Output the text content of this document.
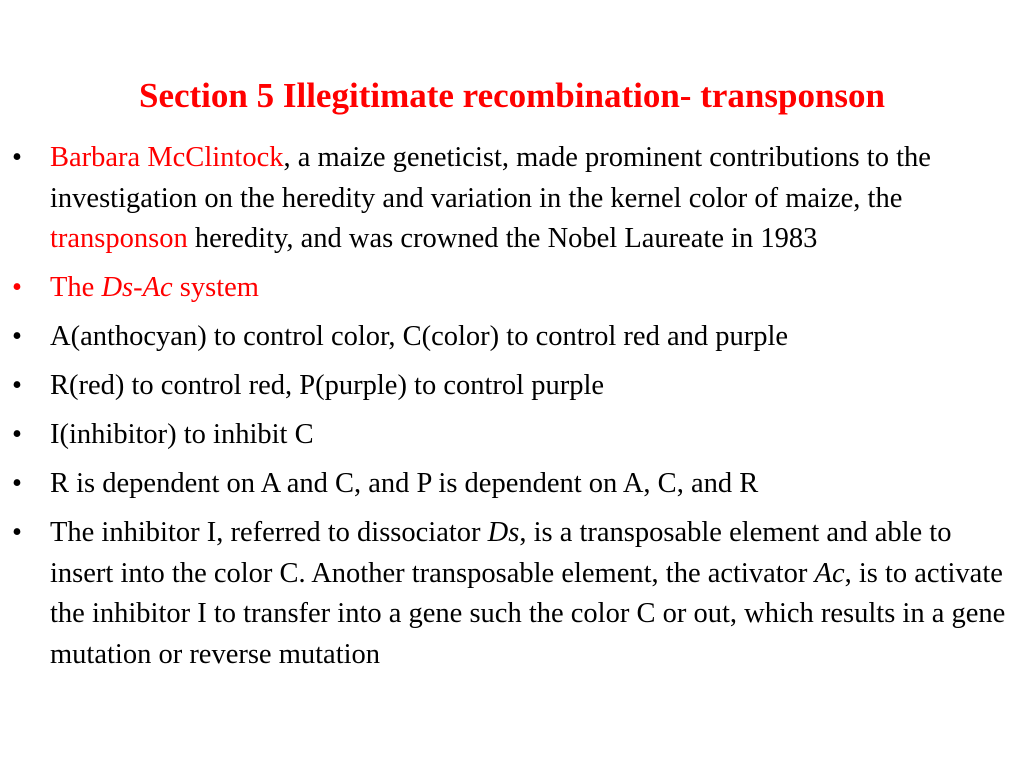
Section 5 Illegitimate recombination- transponson
• Barbara McClintock, a maize geneticist, made prominent contributions to the investigation on the heredity and variation in the kernel color of maize, the transponson heredity, and was crowned the Nobel Laureate in 1983
• The Ds-Ac system
• A(anthocyan) to control color, C(color) to control red and purple
• R(red) to control red, P(purple) to control purple
• I(inhibitor) to inhibit C
• R is dependent on A and C, and P is dependent on A, C, and R
• The inhibitor I, referred to dissociator Ds, is a transposable element and able to insert into the color C. Another transposable element, the activator Ac, is to activate the inhibitor I to transfer into a gene such the color C or out, which results in a gene mutation or reverse mutation
